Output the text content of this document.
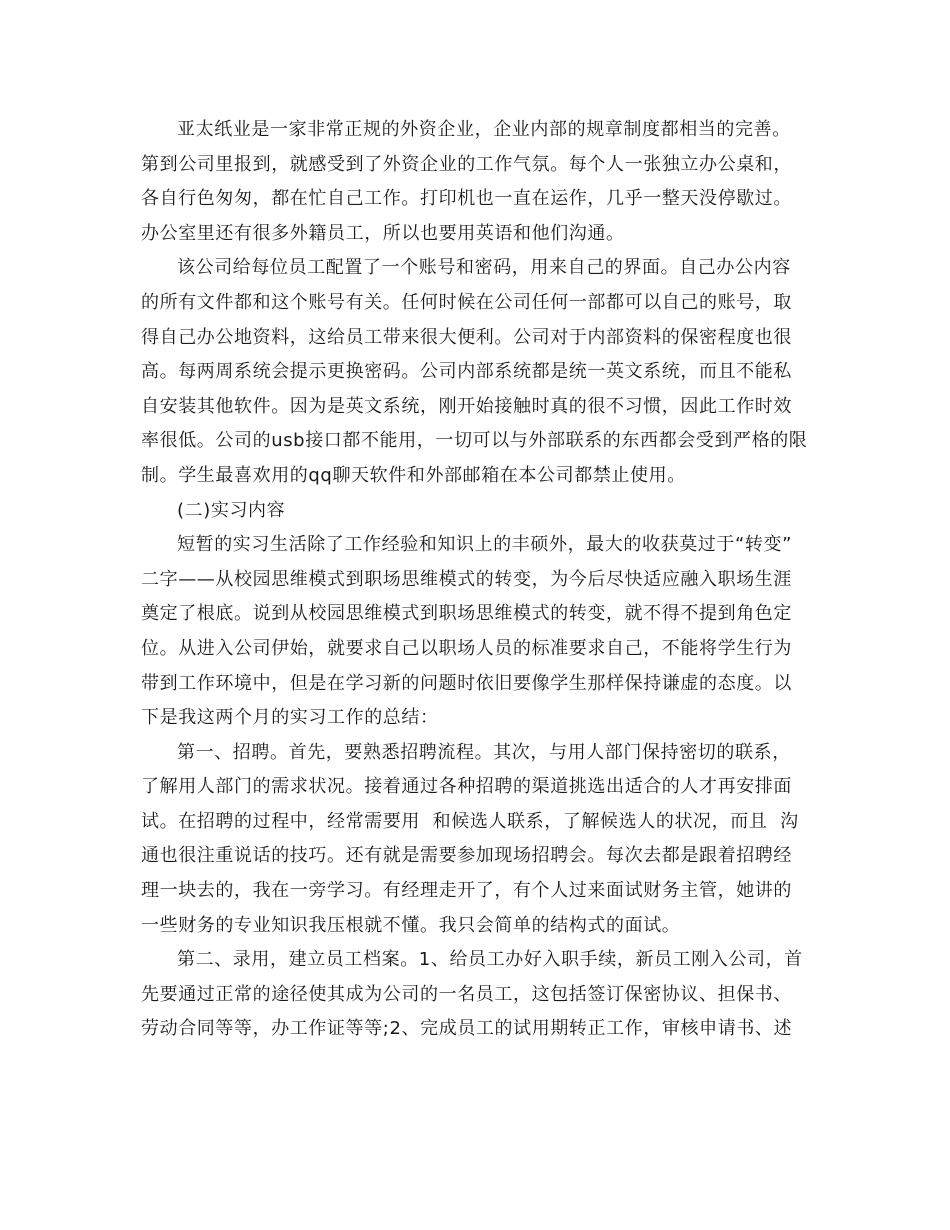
亚太纸业是一家非常正规的外资企业，企业内部的规章制度都相当的完善。
第到公司里报到，就感受到了外资企业的工作气氛。每个人一张独立办公桌和，
各自行色匆匆，都在忙自己工作。打印机也一直在运作，几乎一整天没停歇过。
办公室里还有很多外籍员工，所以也要用英语和他们沟通。
该公司给每位员工配置了一个账号和密码，用来自己的界面。自己办公内容
的所有文件都和这个账号有关。任何时候在公司任何一部都可以自己的账号，取
得自己办公地资料，这给员工带来很大便利。公司对于内部资料的保密程度也很
高。每两周系统会提示更换密码。公司内部系统都是统一英文系统，而且不能私
自安装其他软件。因为是英文系统，刚开始接触时真的很不习惯，因此工作时效
率很低。公司的usb接口都不能用，一切可以与外部联系的东西都会受到严格的限
制。学生最喜欢用的qq聊天软件和外部邮箱在本公司都禁止使用。
(二)实习内容
短暂的实习生活除了工作经验和知识上的丰硕外，最大的收获莫过于“转变”
二字——从校园思维模式到职场思维模式的转变，为今后尽快适应融入职场生涯
奠定了根底。说到从校园思维模式到职场思维模式的转变，就不得不提到角色定
位。从进入公司伊始，就要求自己以职场人员的标准要求自己，不能将学生行为
带到工作环境中，但是在学习新的问题时依旧要像学生那样保持谦虚的态度。以
下是我这两个月的实习工作的总结：
第一、招聘。首先，要熟悉招聘流程。其次，与用人部门保持密切的联系，
了解用人部门的需求状况。接着通过各种招聘的渠道挑选出适合的人才再安排面
试。在招聘的过程中，经常需要用  和候选人联系，了解候选人的状况，而且  沟
通也很注重说话的技巧。还有就是需要参加现场招聘会。每次去都是跟着招聘经
理一块去的，我在一旁学习。有经理走开了，有个人过来面试财务主管，她讲的
一些财务的专业知识我压根就不懂。我只会简单的结构式的面试。
第二、录用，建立员工档案。1、给员工办好入职手续，新员工刚入公司，首
先要通过正常的途径使其成为公司的一名员工，这包括签订保密协议、担保书、
劳动合同等等，办工作证等等;2、完成员工的试用期转正工作，审核申请书、述
